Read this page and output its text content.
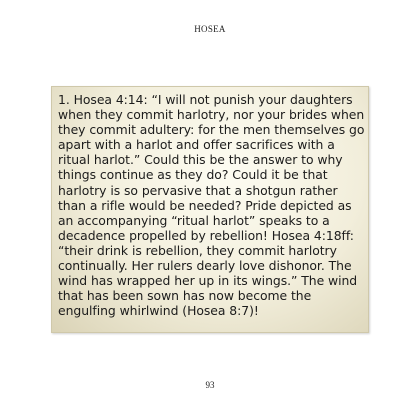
HOSEA

1. Hosea 4:14: “I will not punish your daughters
when they commit harlotry, nor your brides when
they commit adultery: for the men themselves go
apart with a harlot and offer sacrifices with a
ritual harlot.” Could this be the answer to why
things continue as they do? Could it be that
harlotry is so pervasive that a shotgun rather
than a rifle would be needed? Pride depicted as
an accompanying “ritual harlot” speaks to a
decadence propelled by rebellion! Hosea 4:18ff:
“their drink is rebellion, they commit harlotry
continually. Her rulers dearly love dishonor. The
wind has wrapped her up in its wings.” The wind
that has been sown has now become the
engulfing whirlwind (Hosea 8:7)!

93
